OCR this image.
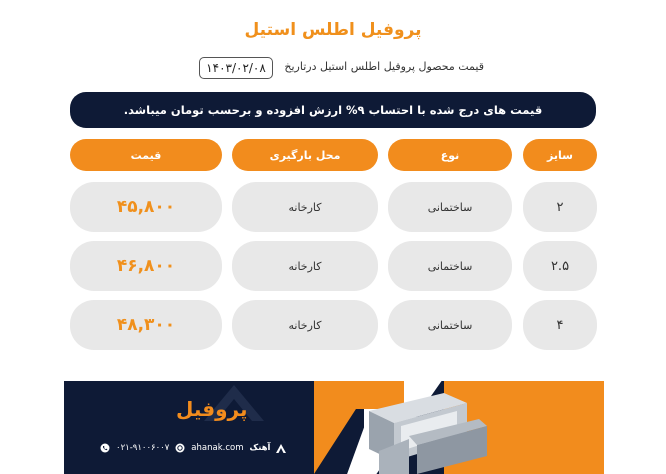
پروفیل اطلس استیل
قیمت محصول پروفیل اطلس استیل درتاریخ
۱۴۰۳/۰۲/۰۸
قیمت های درج شده با احتساب ۹% ارزش افزوده و برحسب تومان میباشد.
سایز
نوع
محل بارگیری
قیمت
۲
ساختمانی
کارخانه
۴۵,۸۰۰
۲.۵
ساختمانی
کارخانه
۴۶,۸۰۰
۴
ساختمانی
کارخانه
۴۸,۳۰۰
پروفیل
۰۲۱-۹۱۰۰۶۰۰۷	ahanak.com آهنک
